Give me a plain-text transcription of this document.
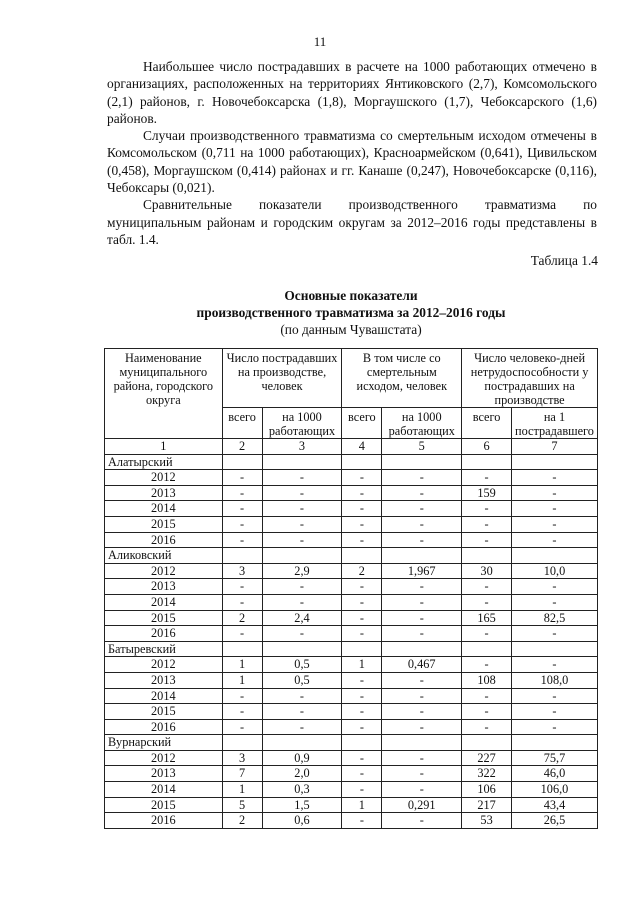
11

Наибольшее число пострадавших в расчете на 1000 работающих отмечено в организациях, расположенных на территориях Янтиковского (2,7), Комсомольского (2,1) районов, г. Новочебоксарска (1,8), Моргаушского (1,7), Чебоксарского (1,6) районов.

Случаи производственного травматизма со смертельным исходом отмечены в Комсомольском (0,711 на 1000 работающих), Красноармейском (0,641), Цивильском (0,458), Моргаушском (0,414) районах и гг. Канаше (0,247), Новочебоксарске (0,116), Чебоксары (0,021).

Сравнительные показатели производственного травматизма по муниципальным районам и городским округам за 2012–2016 годы представлены в табл. 1.4.

Таблица 1.4
Основные показатели
производственного травматизма за 2012–2016 годы
(по данным Чувашстата)
Наименование муниципального района, городского округа	Число пострадавших на производстве, человек		В том числе со смертельным исходом, человек		Число человеко-дней нетрудоспособности у пострадавших на производстве	
	всего	на 1000 работающих	всего	на 1000 работающих	всего	на 1 пострадавшего
1	2	3	4	5	6	7
Алатырский						
2012	-	-	-	-	-	-
2013	-	-	-	-	159	-
2014	-	-	-	-	-	-
2015	-	-	-	-	-	-
2016	-	-	-	-	-	-
Аликовский						
2012	3	2,9	2	1,967	30	10,0
2013	-	-	-	-	-	-
2014	-	-	-	-	-	-
2015	2	2,4	-	-	165	82,5
2016	-	-	-	-	-	-
Батыревский						
2012	1	0,5	1	0,467	-	-
2013	1	0,5	-	-	108	108,0
2014	-	-	-	-	-	-
2015	-	-	-	-	-	-
2016	-	-	-	-	-	-
Вурнарский						
2012	3	0,9	-	-	227	75,7
2013	7	2,0	-	-	322	46,0
2014	1	0,3	-	-	106	106,0
2015	5	1,5	1	0,291	217	43,4
2016	2	0,6	-	-	53	26,5
